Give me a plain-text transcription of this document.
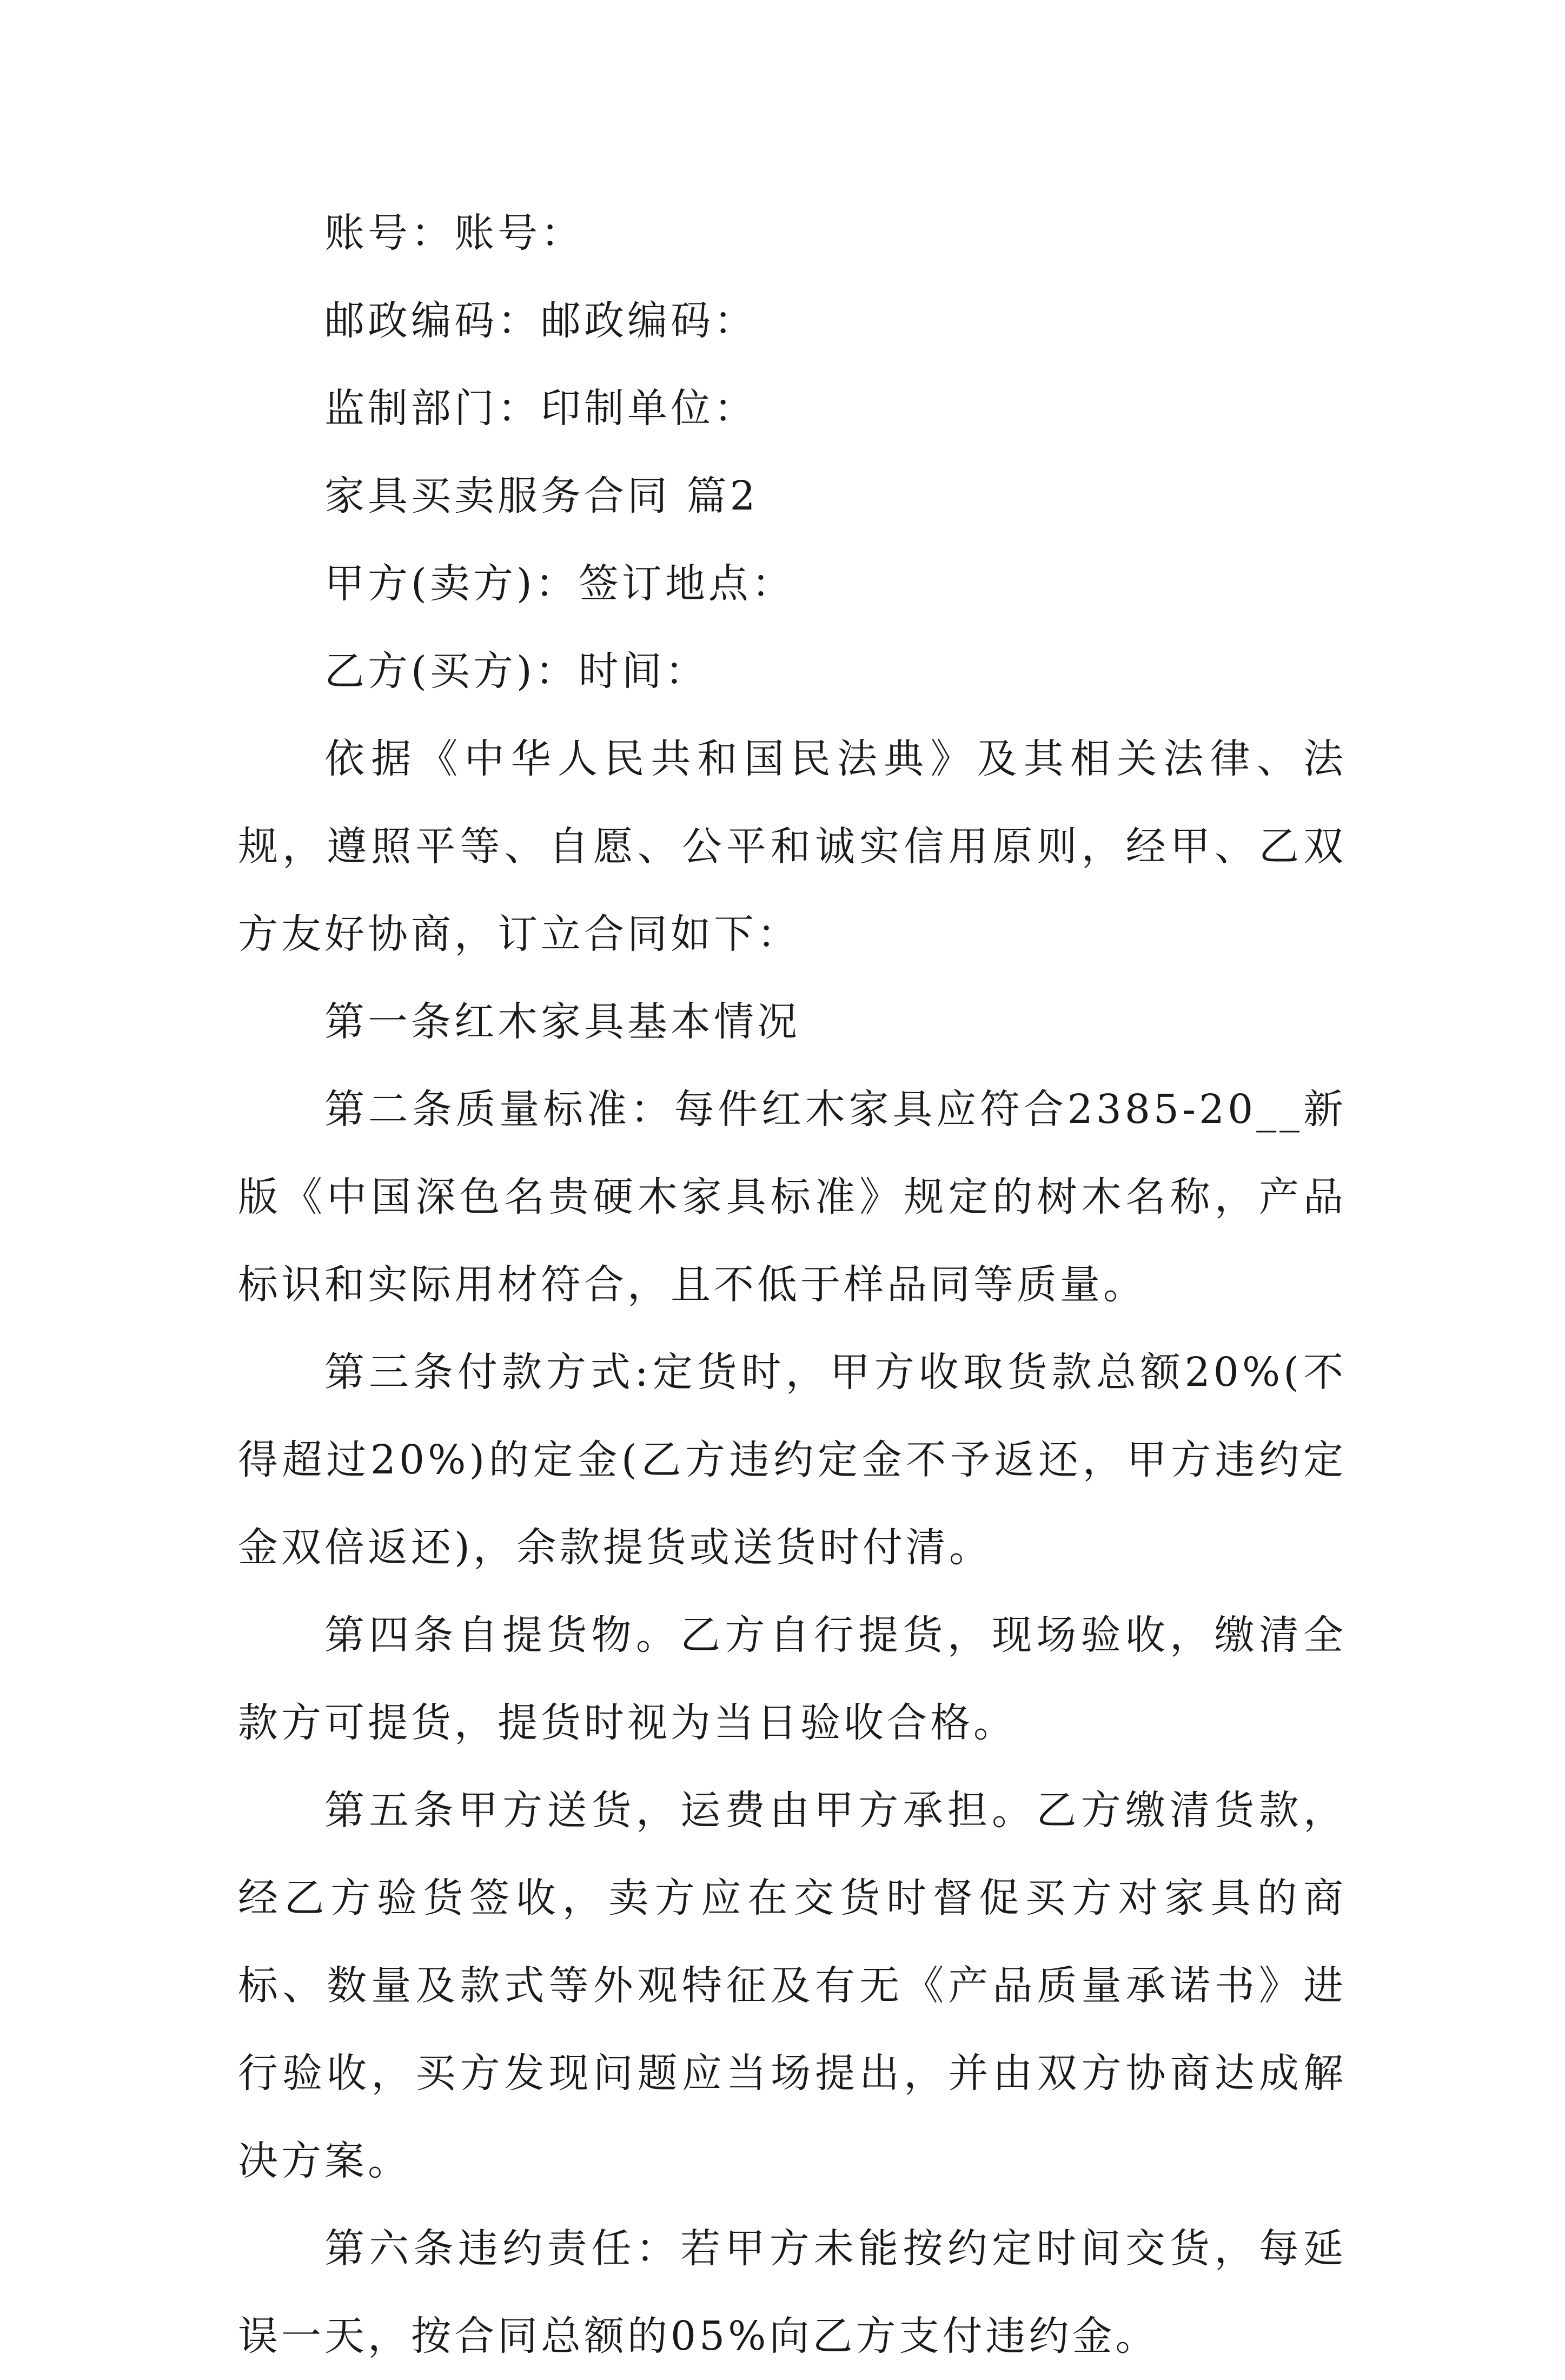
账号：账号：

邮政编码：邮政编码：

监制部门：印制单位：

家具买卖服务合同 篇2

甲方(卖方)：签订地点：

乙方(买方)：时间：

依据《中华人民共和国民法典》及其相关法律、法规，遵照平等、自愿、公平和诚实信用原则，经甲、乙双方友好协商，订立合同如下：

第一条红木家具基本情况

第二条质量标准：每件红木家具应符合2385-20__新版《中国深色名贵硬木家具标准》规定的树木名称，产品标识和实际用材符合，且不低于样品同等质量。

第三条付款方式:定货时，甲方收取货款总额20%(不得超过20%)的定金(乙方违约定金不予返还，甲方违约定金双倍返还)，余款提货或送货时付清。

第四条自提货物。乙方自行提货，现场验收，缴清全款方可提货，提货时视为当日验收合格。

第五条甲方送货，运费由甲方承担。乙方缴清货款，经乙方验货签收，卖方应在交货时督促买方对家具的商标、数量及款式等外观特征及有无《产品质量承诺书》进行验收，买方发现问题应当场提出，并由双方协商达成解决方案。

第六条违约责任：若甲方未能按约定时间交货，每延误一天，按合同总额的05%向乙方支付违约金。
